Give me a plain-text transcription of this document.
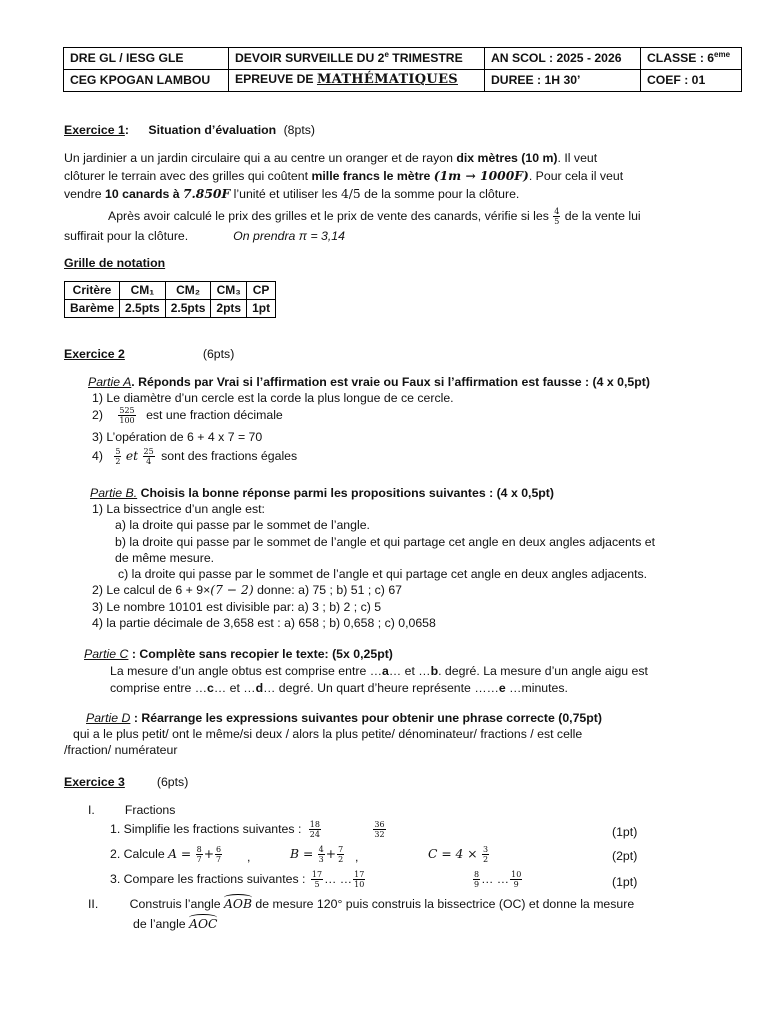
DRE GL / IESG GLE	DEVOIR SURVEILLE DU 2e TRIMESTRE	AN SCOL : 2025 - 2026	CLASSE : 6eme
CEG KPOGAN LAMBOU	EPREUVE DE MATHÉMATIQUES	DUREE : 1H 30’	COEF : 01
Exercice 1: Situation d’évaluation (8pts)
Un jardinier a un jardin circulaire qui a au centre un oranger et de rayon dix mètres (10 m). Il veut
clôturer le terrain avec des grilles qui coûtent mille francs le mètre (1m → 1000F). Pour cela il veut
vendre 10 canards à 7.850F l’unité et utiliser les 4/5 de la somme pour la clôture.
Après avoir calculé le prix des grilles et le prix de vente des canards, vérifie si les $\frac{4}{5}$ de la vente lui
suffirait pour la clôture.	On prendra π = 3,14
Grille de notation
Critère	CM₁	CM₂	CM₃	CP
Barème	2.5pts	2.5pts	2pts	1pt
Exercice 2	(6pts)
Partie A. Réponds par Vrai si l’affirmation est vraie ou Faux si l’affirmation est fausse : (4 x 0,5pt)
1) Le diamètre d’un cercle est la corde la plus longue de ce cercle.
$2) \frac{525}{100}$ est une fraction décimale
3) L’opération de 6 + 4 x 7 = 70
$4) \frac{5}{2}$ et $\frac{25}{4}$ sont des fractions égales
Partie B. Choisis la bonne réponse parmi les propositions suivantes : (4 x 0,5pt)
1) La bissectrice d’un angle est:
a) la droite qui passe par le sommet de l’angle.
b) la droite qui passe par le sommet de l’angle et qui partage cet angle en deux angles adjacents et
de même mesure.
c) la droite qui passe par le sommet de l’angle et qui partage cet angle en deux angles adjacents.
2) Le calcul de 6 + 9×(7 − 2) donne: a) 75 ; b) 51 ; c) 67
3) Le nombre 10101 est divisible par: a) 3 ; b) 2 ; c) 5
4) la partie décimale de 3,658 est : a) 658 ; b) 0,658 ; c) 0,0658
Partie C : Complète sans recopier le texte: (5x 0,25pt)
La mesure d’un angle obtus est comprise entre …a… et …b. degré. La mesure d’un angle aigu est
comprise entre …c… et …d… degré. Un quart d’heure représente ……e …minutes.
Partie D : Réarrange les expressions suivantes pour obtenir une phrase correcte (0,75pt)
qui a le plus petit/ ont le même/si deux / alors la plus petite/ dénominateur/ fractions / est celle
/fraction/ numérateur
Exercice 3	(6pts)
I. Fractions
1. Simplifie les fractions suivantes : $\frac{18}{24}$
	$\frac{36}{32}$	(1pt)
2. Calcule $A = \frac{8}{7} + \frac{6}{7}$ ,	$B = \frac{4}{3} + \frac{7}{2}$ ,	$C = 4 \times \frac{3}{2}$	(2pt)
3. Compare les fractions suivantes : $\frac{17}{5}$ … … $\frac{17}{10}$	$\frac{8}{9}$ … … $\frac{10}{9}$	(1pt)
II.	Construis l’angle AOB de mesure 120° puis construis la bissectrice (OC) et donne la mesure
de l’angle AOC
